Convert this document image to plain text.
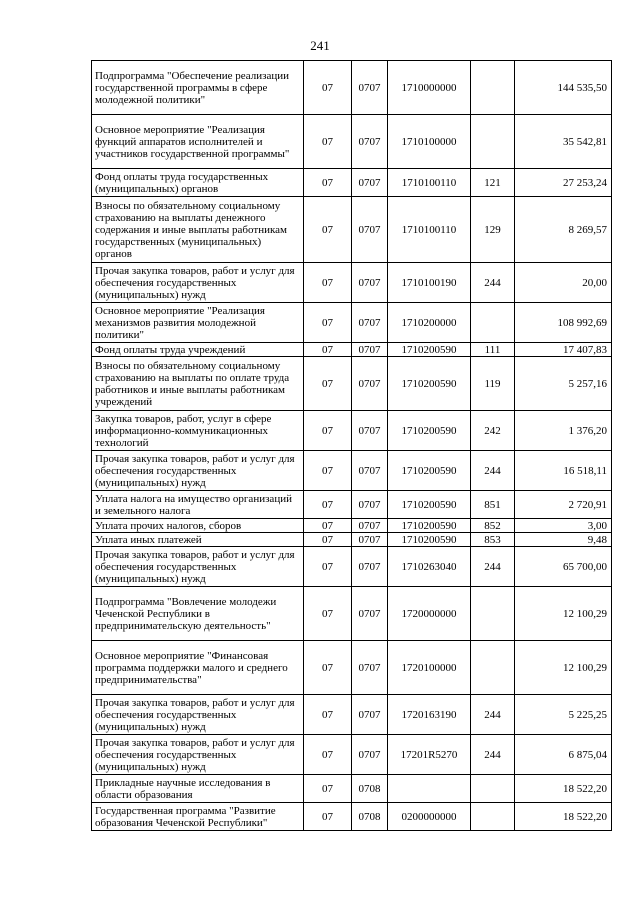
241
Подпрограмма "Обеспечение реализации государственной программы в сфере молодежной политики"	07	0707	1710000000		144 535,50
Основное мероприятие "Реализация функций аппаратов исполнителей и участников государственной программы"	07	0707	1710100000		35 542,81
Фонд оплаты труда государственных (муниципальных) органов	07	0707	1710100110	121	27 253,24
Взносы по обязательному социальному страхованию на выплаты денежного содержания и иные выплаты работникам государственных (муниципальных) органов	07	0707	1710100110	129	8 269,57
Прочая закупка товаров, работ и услуг для обеспечения государственных (муниципальных) нужд	07	0707	1710100190	244	20,00
Основное мероприятие "Реализация механизмов развития молодежной политики"	07	0707	1710200000		108 992,69
Фонд оплаты труда учреждений	07	0707	1710200590	111	17 407,83
Взносы по обязательному социальному страхованию на выплаты по оплате труда работников и иные выплаты работникам учреждений	07	0707	1710200590	119	5 257,16
Закупка товаров, работ, услуг в сфере информационно-коммуникационных технологий	07	0707	1710200590	242	1 376,20
Прочая закупка товаров, работ и услуг для обеспечения государственных (муниципальных) нужд	07	0707	1710200590	244	16 518,11
Уплата налога на имущество организаций и земельного налога	07	0707	1710200590	851	2 720,91
Уплата прочих налогов, сборов	07	0707	1710200590	852	3,00
Уплата иных платежей	07	0707	1710200590	853	9,48
Прочая закупка товаров, работ и услуг для обеспечения государственных (муниципальных) нужд	07	0707	1710263040	244	65 700,00
Подпрограмма "Вовлечение молодежи Чеченской Республики в предпринимательскую деятельность"	07	0707	1720000000		12 100,29
Основное мероприятие "Финансовая программа поддержки малого и среднего предпринимательства"	07	0707	1720100000		12 100,29
Прочая закупка товаров, работ и услуг для обеспечения государственных (муниципальных) нужд	07	0707	1720163190	244	5 225,25
Прочая закупка товаров, работ и услуг для обеспечения государственных (муниципальных) нужд	07	0707	17201R5270	244	6 875,04
Прикладные научные исследования в области образования	07	0708			18 522,20
Государственная программа "Развитие образования Чеченской Республики"	07	0708	0200000000		18 522,20
